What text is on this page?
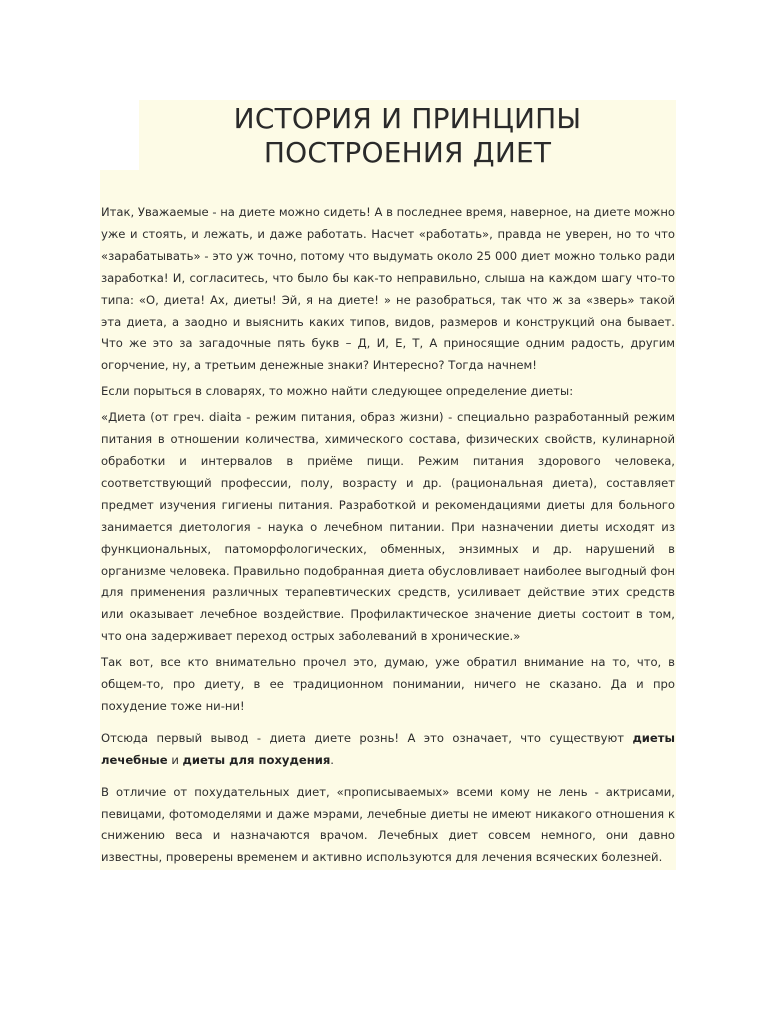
ИСТОРИЯ И ПРИНЦИПЫ
ПОСТРОЕНИЯ ДИЕТ

Итак, Уважаемые - на диете можно сидеть! А в последнее время, наверное, на диете можно уже и стоять, и лежать, и даже работать. Насчет «работать», правда не уверен, но то что «зарабатывать» - это уж точно, потому что выдумать около 25 000 диет можно только ради заработка! И, согласитесь, что было бы как-то неправильно, слыша на каждом шагу что-то типа: «О, диета! Ах, диеты! Эй, я на диете! » не разобраться, так что ж за «зверь» такой эта диета, а заодно и выяснить каких типов, видов, размеров и конструкций она бывает. Что же это за загадочные пять букв – Д, И, Е, Т, А приносящие одним радость, другим огорчение, ну, а третьим денежные знаки? Интересно? Тогда начнем!

Если порыться в словарях, то можно найти следующее определение диеты:

«Диета (от греч. diaita - режим питания, образ жизни) - специально разработанный режим питания в отношении количества, химического состава, физических свойств, кулинарной обработки и интервалов в приёме пищи. Режим питания здорового человека, соответствующий профессии, полу, возрасту и др. (рациональная диета), составляет предмет изучения гигиены питания. Разработкой и рекомендациями диеты для больного занимается диетология - наука о лечебном питании. При назначении диеты исходят из функциональных, патоморфологических, обменных, энзимных и др. нарушений в организме человека. Правильно подобранная диета обусловливает наиболее выгодный фон для применения различных терапевтических средств, усиливает действие этих средств или оказывает лечебное воздействие. Профилактическое значение диеты состоит в том, что она задерживает переход острых заболеваний в хронические.»

Так вот, все кто внимательно прочел это, думаю, уже обратил внимание на то, что, в общем-то, про диету, в ее традиционном понимании, ничего не сказано. Да и про похудение тоже ни-ни!

Отсюда первый вывод - диета диете рознь! А это означает, что существуют диеты лечебные и диеты для похудения.

В отличие от похудательных диет, «прописываемых» всеми кому не лень - актрисами, певицами, фотомоделями и даже мэрами, лечебные диеты не имеют никакого отношения к снижению веса и назначаются врачом. Лечебных диет совсем немного, они давно известны, проверены временем и активно используются для лечения всяческих болезней.
